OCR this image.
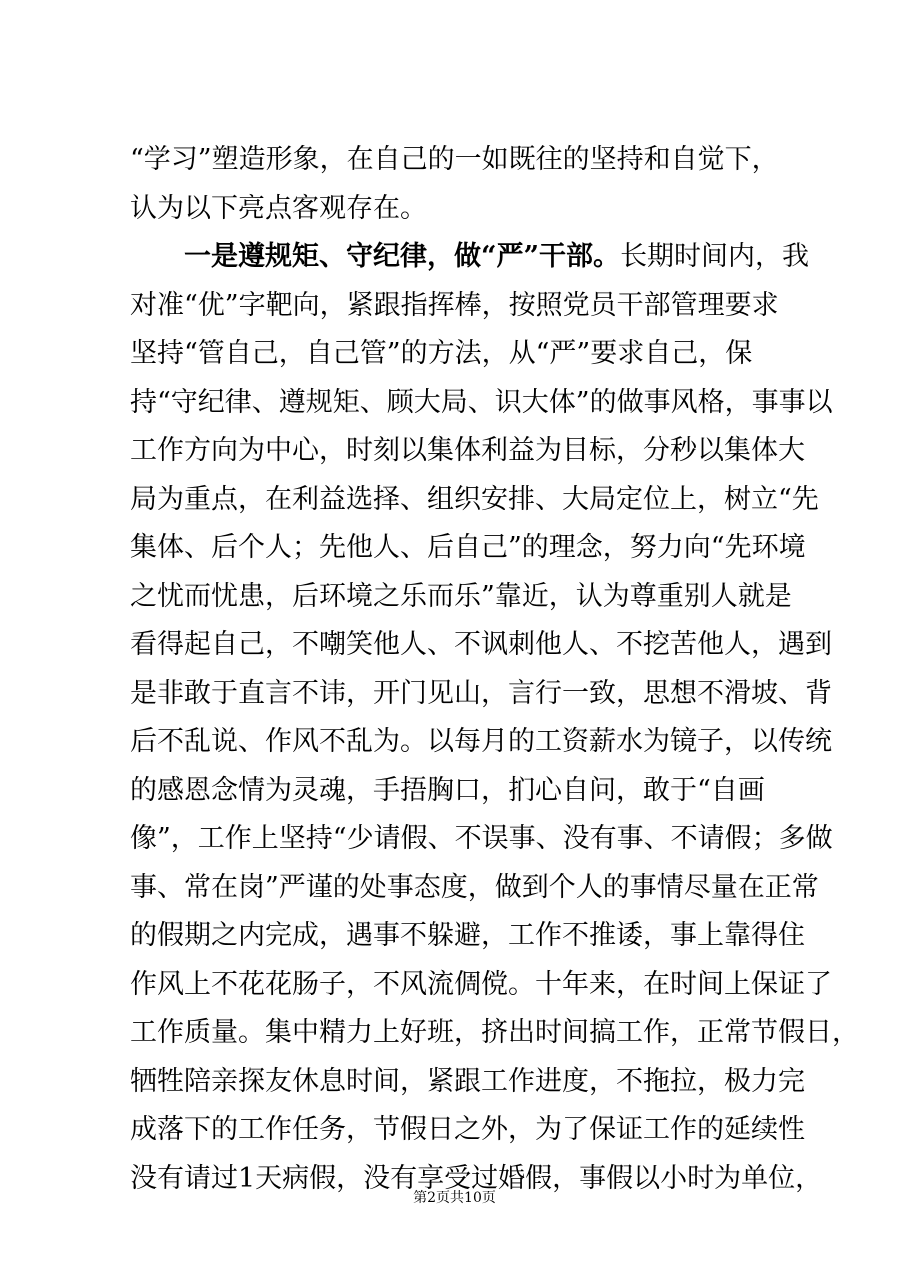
“学习”塑造形象，在自己的一如既往的坚持和自觉下，
认为以下亮点客观存在。
一是遵规矩、守纪律，做“严”干部。长期时间内，我
对准“优”字靶向，紧跟指挥棒，按照党员干部管理要求
坚持“管自己，自己管”的方法，从“严”要求自己，保
持“守纪律、遵规矩、顾大局、识大体”的做事风格，事事以
工作方向为中心，时刻以集体利益为目标，分秒以集体大
局为重点，在利益选择、组织安排、大局定位上，树立“先
集体、后个人；先他人、后自己”的理念，努力向“先环境
之忧而忧患，后环境之乐而乐”靠近，认为尊重别人就是
看得起自己，不嘲笑他人、不讽刺他人、不挖苦他人，遇到
是非敢于直言不讳，开门见山，言行一致，思想不滑坡、背
后不乱说、作风不乱为。以每月的工资薪水为镜子，以传统
的感恩念情为灵魂，手捂胸口，扪心自问，敢于“自画
像”，工作上坚持“少请假、不误事、没有事、不请假；多做
事、常在岗”严谨的处事态度，做到个人的事情尽量在正常
的假期之内完成，遇事不躲避，工作不推诿，事上靠得住
作风上不花花肠子，不风流倜傥。十年来，在时间上保证了
工作质量。集中精力上好班，挤出时间搞工作，正常节假日，
牺牲陪亲探友休息时间，紧跟工作进度，不拖拉，极力完
成落下的工作任务，节假日之外，为了保证工作的延续性
没有请过1天病假，没有享受过婚假，事假以小时为单位，
第2页共10页
